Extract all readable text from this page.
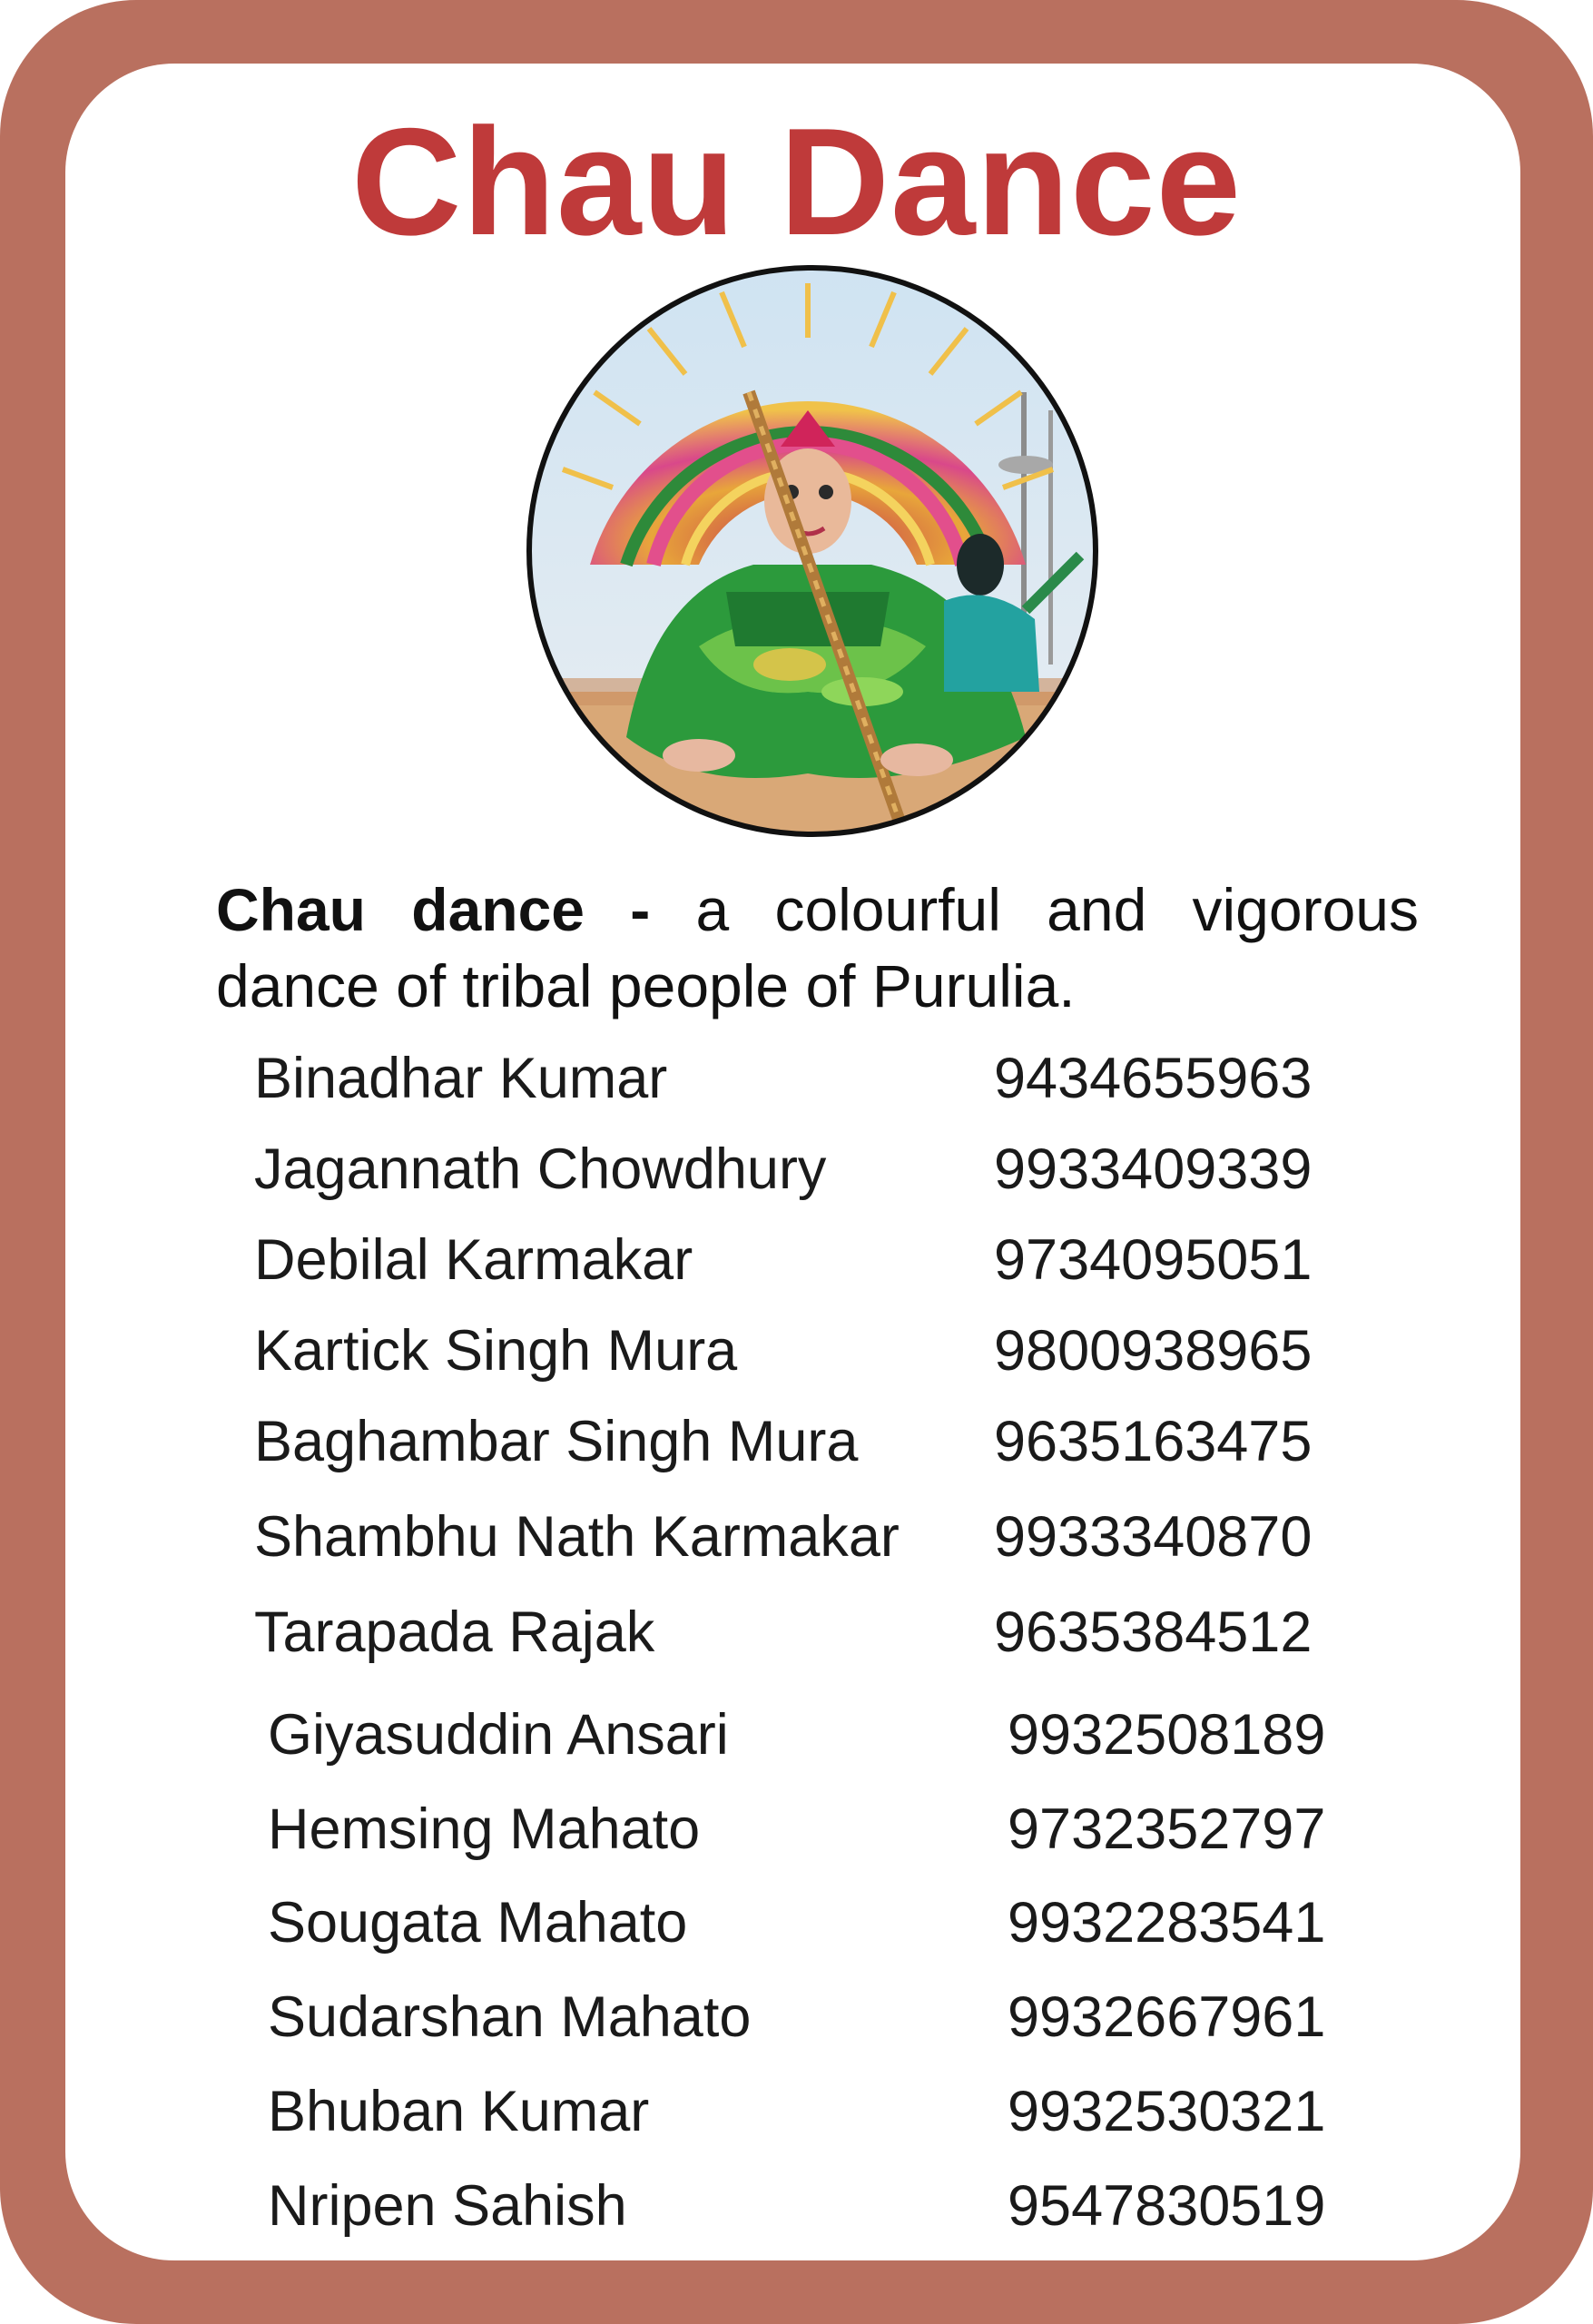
Chau Dance
Chau dance - a colourful and vigorous dance of tribal people of Purulia.
Binadhar Kumar	9434655963
Jagannath Chowdhury	9933409339
Debilal Karmakar	9734095051
Kartick Singh Mura	9800938965
Baghambar Singh Mura 9635163475
Shambhu Nath Karmakar 9933340870
Tarapada Rajak	9635384512
Giyasuddin Ansari	9932508189
Hemsing Mahato	9732352797
Sougata Mahato	9932283541
Sudarshan Mahato	9932667961
Bhuban Kumar	9932530321
Nripen Sahish	9547830519
